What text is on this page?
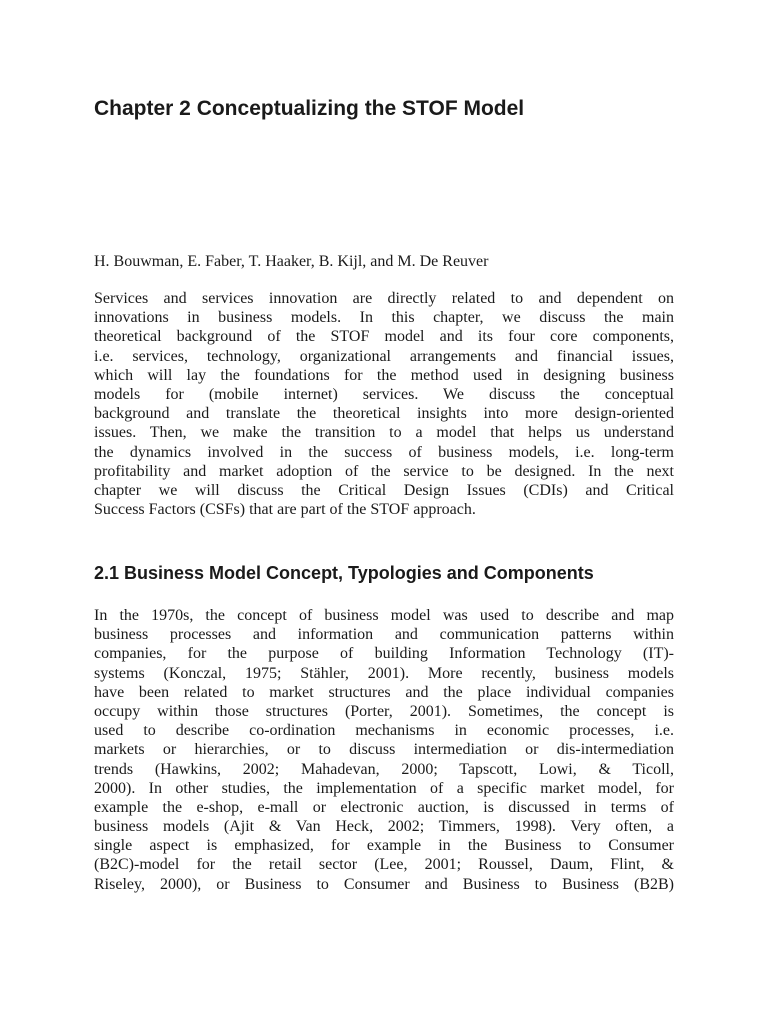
Chapter 2 Conceptualizing the STOF Model

H. Bouwman, E. Faber, T. Haaker, B. Kijl, and M. De Reuver

Services and services innovation are directly related to and dependent on
innovations in business models. In this chapter, we discuss the main
theoretical background of the STOF model and its four core components,
i.e. services, technology, organizational arrangements and financial issues,
which will lay the foundations for the method used in designing business
models for (mobile internet) services. We discuss the conceptual
background and translate the theoretical insights into more design-oriented
issues. Then, we make the transition to a model that helps us understand
the dynamics involved in the success of business models, i.e. long-term
profitability and market adoption of the service to be designed. In the next
chapter we will discuss the Critical Design Issues (CDIs) and Critical
Success Factors (CSFs) that are part of the STOF approach.
2.1 Business Model Concept, Typologies and Components
In the 1970s, the concept of business model was used to describe and map
business processes and information and communication patterns within
companies, for the purpose of building Information Technology (IT)-
systems (Konczal, 1975; Stähler, 2001). More recently, business models
have been related to market structures and the place individual companies
occupy within those structures (Porter, 2001). Sometimes, the concept is
used to describe co-ordination mechanisms in economic processes, i.e.
markets or hierarchies, or to discuss intermediation or dis-intermediation
trends (Hawkins, 2002; Mahadevan, 2000; Tapscott, Lowi, & Ticoll,
2000). In other studies, the implementation of a specific market model, for
example the e-shop, e-mall or electronic auction, is discussed in terms of
business models (Ajit & Van Heck, 2002; Timmers, 1998). Very often, a
single aspect is emphasized, for example in the Business to Consumer
(B2C)-model for the retail sector (Lee, 2001; Roussel, Daum, Flint, &
Riseley, 2000), or Business to Consumer and Business to Business (B2B)
